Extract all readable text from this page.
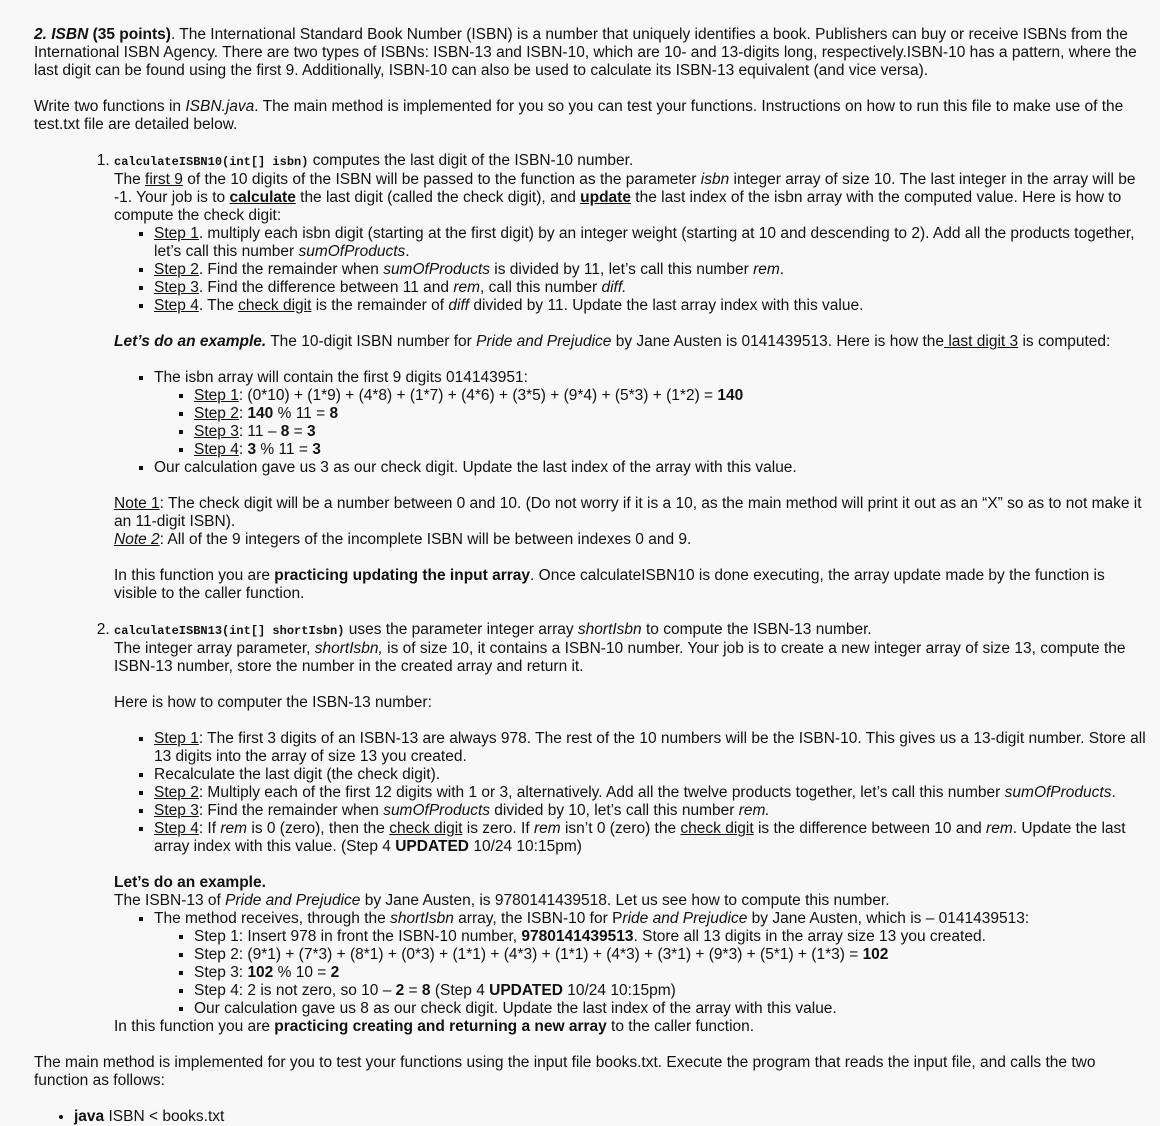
2. ISBN (35 points). The International Standard Book Number (ISBN) is a number that uniquely identifies a book. Publishers can buy or receive ISBNs from the International ISBN Agency. There are two types of ISBNs: ISBN-13 and ISBN-10, which are 10- and 13-digits long, respectively.ISBN-10 has a pattern, where the last digit can be found using the first 9. Additionally, ISBN-10 can also be used to calculate its ISBN-13 equivalent (and vice versa).

Write two functions in ISBN.java. The main method is implemented for you so you can test your functions. Instructions on how to run this file to make use of the test.txt file are detailed below.

1. calculateISBN10(int[] isbn) computes the last digit of the ISBN-10 number.
The first 9 of the 10 digits of the ISBN will be passed to the function as the parameter isbn integer array of size 10. The last integer in the array will be -1. Your job is to calculate the last digit (called the check digit), and update the last index of the isbn array with the computed value. Here is how to compute the check digit:
▪ Step 1. multiply each isbn digit (starting at the first digit) by an integer weight (starting at 10 and descending to 2). Add all the products together, let’s call this number sumOfProducts.
▪ Step 2. Find the remainder when sumOfProducts is divided by 11, let’s call this number rem.
▪ Step 3. Find the difference between 11 and rem, call this number diff.
▪ Step 4. The check digit is the remainder of diff divided by 11. Update the last array index with this value.

Let’s do an example. The 10-digit ISBN number for Pride and Prejudice by Jane Austen is 0141439513. Here is how the last digit 3 is computed:

▪ The isbn array will contain the first 9 digits 014143951:
▪ Step 1: (0*10) + (1*9) + (4*8) + (1*7) + (4*6) + (3*5) + (9*4) + (5*3) + (1*2) = 140
▪ Step 2: 140 % 11 = 8
▪ Step 3: 11 – 8 = 3
▪ Step 4: 3 % 11 = 3
▪ Our calculation gave us 3 as our check digit. Update the last index of the array with this value.

Note 1: The check digit will be a number between 0 and 10. (Do not worry if it is a 10, as the main method will print it out as an “X” so as to not make it an 11-digit ISBN).

Note 2: All of the 9 integers of the incomplete ISBN will be between indexes 0 and 9.

In this function you are practicing updating the input array. Once calculateISBN10 is done executing, the array update made by the function is visible to the caller function.

2. calculateISBN13(int[] shortIsbn) uses the parameter integer array shortIsbn to compute the ISBN-13 number.
The integer array parameter, shortIsbn, is of size 10, it contains a ISBN-10 number. Your job is to create a new integer array of size 13, compute the ISBN-13 number, store the number in the created array and return it.

Here is how to computer the ISBN-13 number:

▪ Step 1: The first 3 digits of an ISBN-13 are always 978. The rest of the 10 numbers will be the ISBN-10. This gives us a 13-digit number. Store all 13 digits into the array of size 13 you created.
▪ Recalculate the last digit (the check digit).
▪ Step 2: Multiply each of the first 12 digits with 1 or 3, alternatively. Add all the twelve products together, let’s call this number sumOfProducts.
▪ Step 3: Find the remainder when sumOfProducts divided by 10, let’s call this number rem.
▪ Step 4: If rem is 0 (zero), then the check digit is zero. If rem isn’t 0 (zero) the check digit is the difference between 10 and rem. Update the last array index with this value. (Step 4 UPDATED 10/24 10:15pm)

Let’s do an example.

The ISBN-13 of Pride and Prejudice by Jane Austen, is 9780141439518. Let us see how to compute this number.

▪ The method receives, through the shortIsbn array, the ISBN-10 for Pride and Prejudice by Jane Austen, which is – 0141439513:
▪ Step 1: Insert 978 in front the ISBN-10 number, 9780141439513. Store all 13 digits in the array size 13 you created.
▪ Step 2: (9*1) + (7*3) + (8*1) + (0*3) + (1*1) + (4*3) + (1*1) + (4*3) + (3*1) + (9*3) + (5*1) + (1*3) = 102
▪ Step 3: 102 % 10 = 2
▪ Step 4: 2 is not zero, so 10 – 2 = 8 (Step 4 UPDATED 10/24 10:15pm)
▪ Our calculation gave us 8 as our check digit. Update the last index of the array with this value.

In this function you are practicing creating and returning a new array to the caller function.

The main method is implemented for you to test your functions using the input file books.txt. Execute the program that reads the input file, and calls the two function as follows:

• java ISBN < books.txt
